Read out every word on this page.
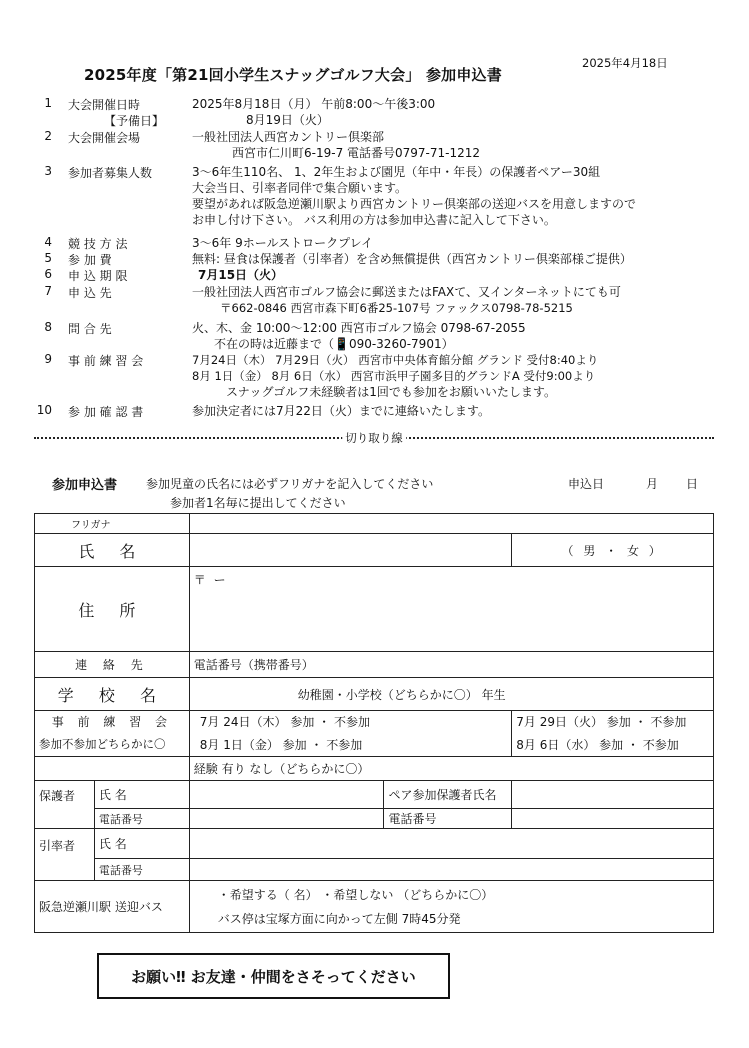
2025年4月18日
2025年度「第21回小学生スナッグゴルフ大会」 参加申込書
1 大会開催日時	2025年8月18日（月） 午前8:00～午後3:00
【予備日】	8月19日（火）
2 大会開催会場	一般社団法人西宮カントリー倶楽部
西宮市仁川町6-19-7 電話番号0797-71-1212
3 参加者募集人数	3～6年生110名、 1、2年生および園児（年中・年長）の保護者ペアー30組
大会当日、引率者同伴で集合願います。
要望があれば阪急逆瀬川駅より西宮カントリー倶楽部の送迎バスを用意しますので
お申し付け下さい。 バス利用の方は参加申込書に記入して下さい。
4 競 技 方 法	3～6年 9ホールストロークプレイ
5 参 加 費	無料: 昼食は保護者（引率者）を含め無償提供（西宮カントリー倶楽部様ご提供）
6 申 込 期 限	7月15日（火）
7 申 込 先	一般社団法人西宮市ゴルフ協会に郵送またはFAXて、又インターネットにても可
〒662-0846 西宮市森下町6番25-107号 ファックス0798-78-5215
8 問 合 先	火、木、金 10:00～12:00 西宮市ゴルフ協会 0798-67-2055
不在の時は近藤まで（📱090-3260-7901）
9 事 前 練 習 会	7月24日（木） 7月29日（火） 西宮市中央体育館分館 グランド 受付8:40より
8月 1日（金） 8月 6日（水） 西宮市浜甲子園多目的グランドA 受付9:00より
スナッグゴルフ未経験者は1回でも参加をお願いいたします。
10 参 加 確 認 書	参加決定者には7月22日（火）までに連絡いたします。
切り取り線
参加申込書 参加児童の氏名には必ずフリガナを記入してください
参加者1名毎に提出してください
申込日	月 日
フリガナ				
氏 名				（ 男 ・ 女 ）
住 所		〒 ー		
連 絡 先		電話番号（携帯番号）		
学 校 名		幼稚園・小学校（どちらかに〇） 年生		
事 前 練 習 会		7月 24日（木） 参加 ・ 不参加		7月 29日（火） 参加 ・ 不参加
参加不参加どちらかに〇		8月 1日（金） 参加 ・ 不参加		8月 6日（水） 参加 ・ 不参加
		経験 有り なし（どちらかに〇）		
保護者	氏 名		ペア参加保護者氏名	
	電話番号		電話番号	
引率者	氏 名			
	電話番号			
阪急逆瀬川駅 送迎バス		・希望する（ 名） ・希望しない （どちらかに〇）
バス停は宝塚方面に向かって左側 7時45分発		
お願い‼ お友達・仲間をさそってください
